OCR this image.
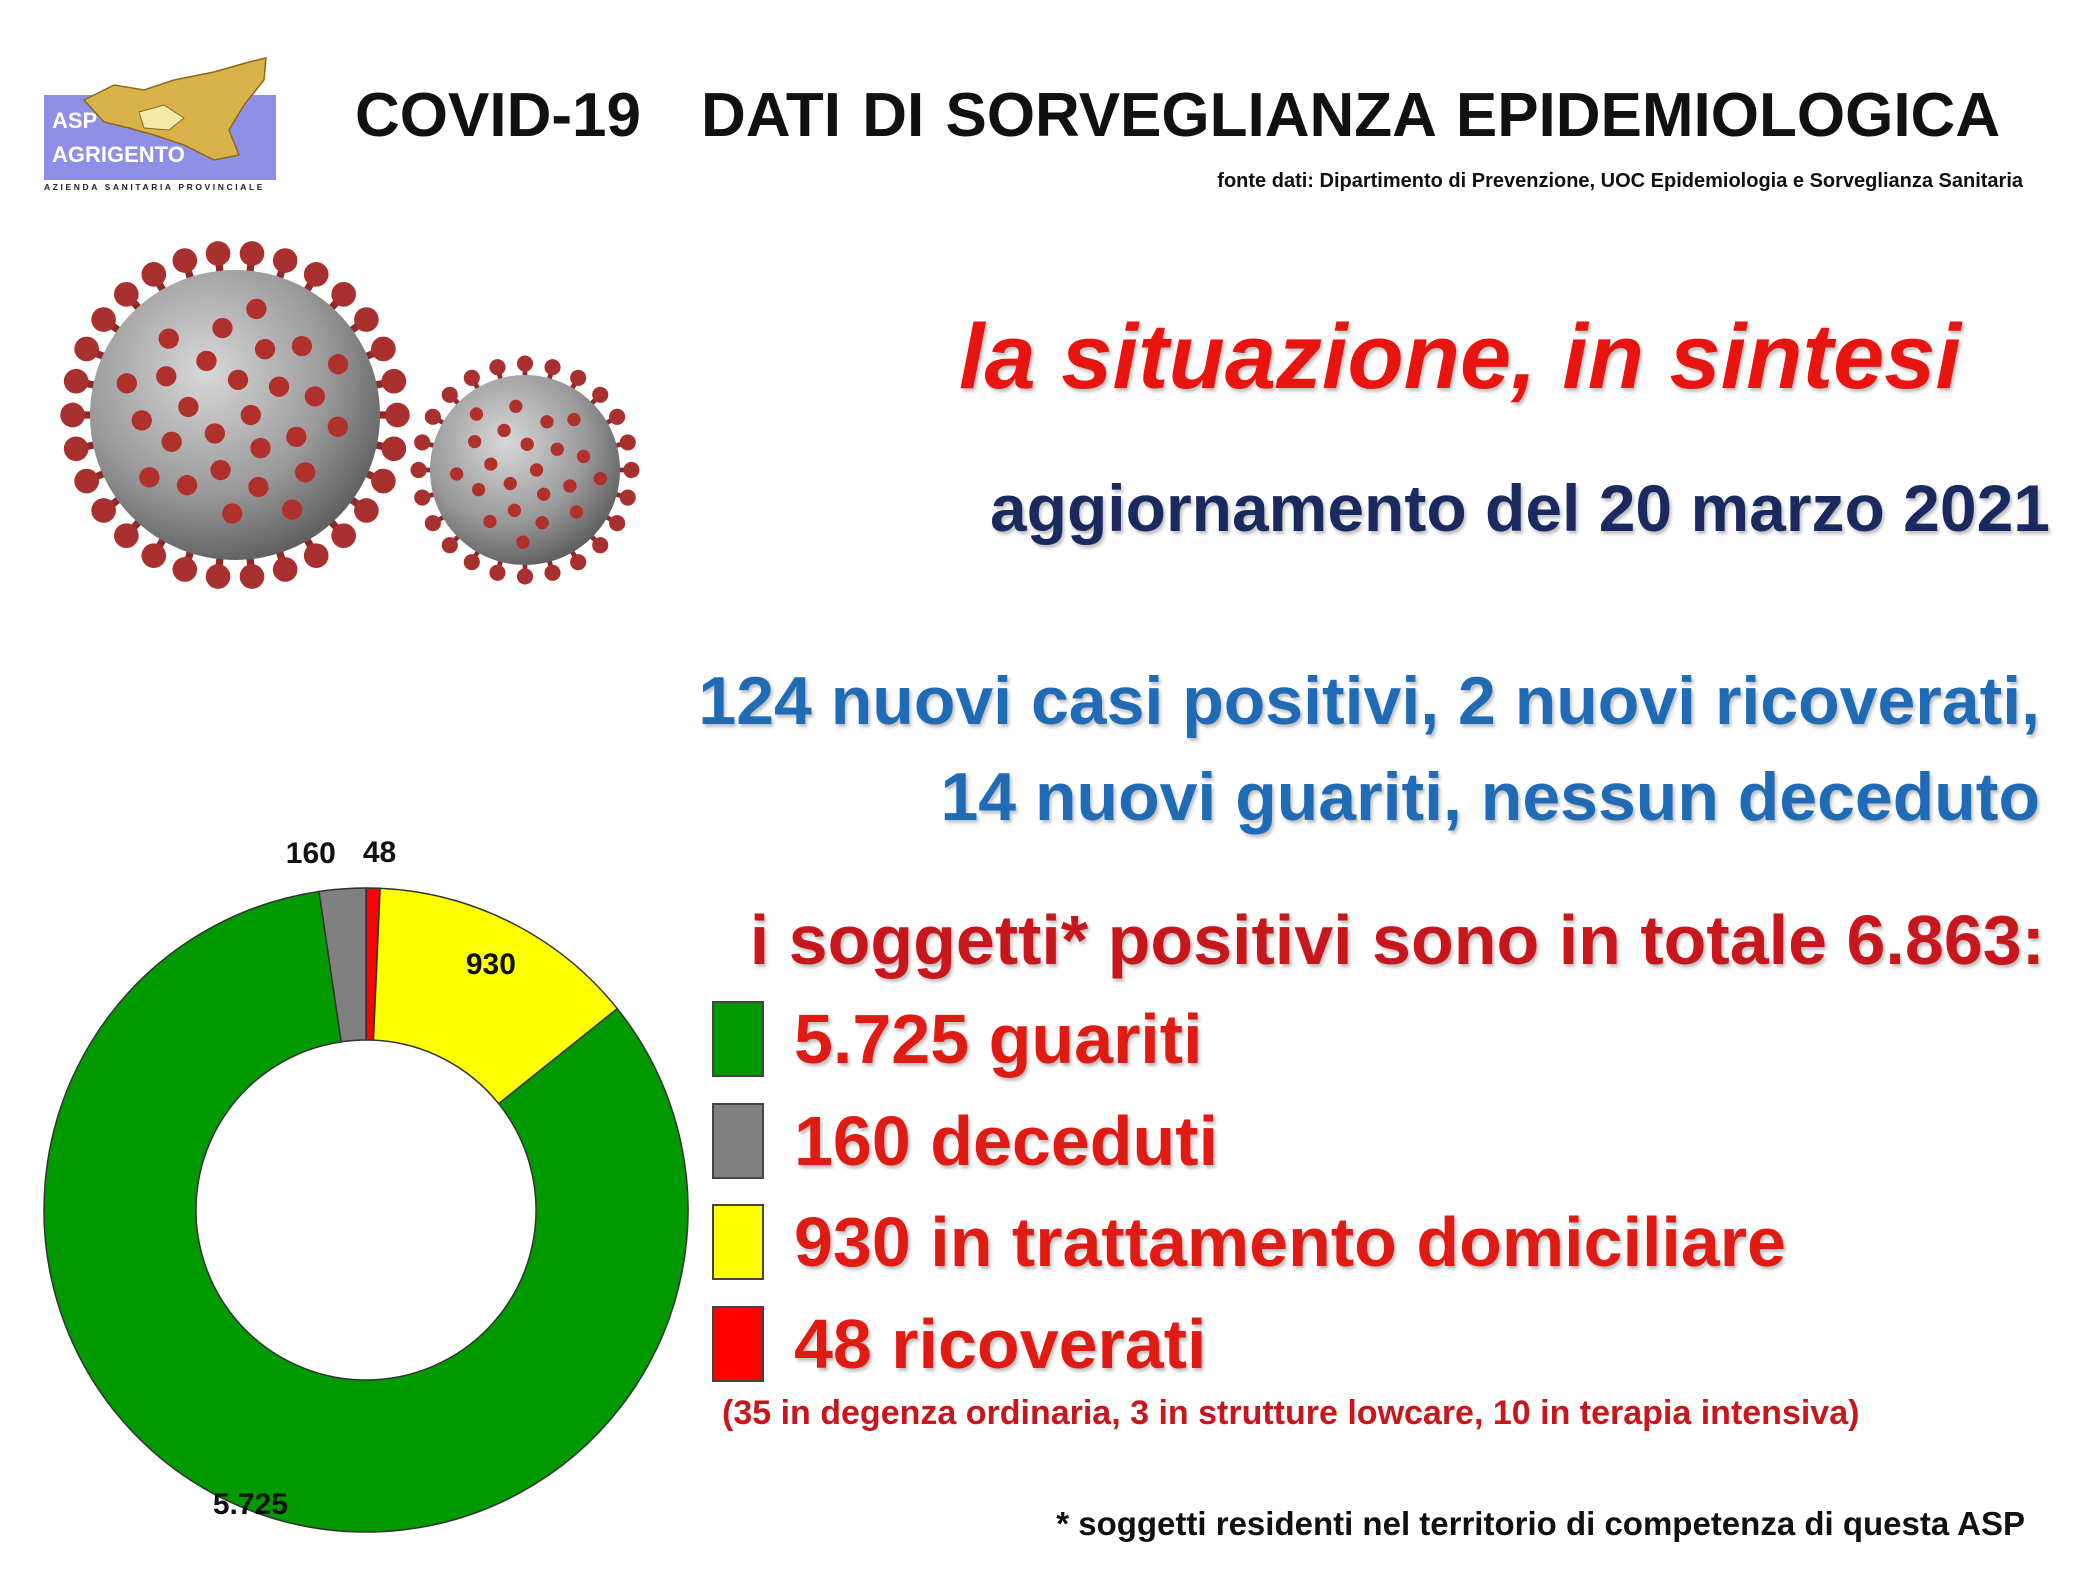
ASP
AGRIGENTO
AZIENDA SANITARIA PROVINCIALE
COVID-19 DATI DI SORVEGLIANZA EPIDEMIOLOGICA
fonte dati: Dipartimento di Prevenzione, UOC Epidemiologia e Sorveglianza Sanitaria
la situazione, in sintesi
aggiornamento del 20 marzo 2021
124 nuovi casi positivi, 2 nuovi ricoverati,
14 nuovi guariti, nessun deceduto
i soggetti* positivi sono in totale 6.863:
5.725 guariti
160 deceduti
930 in trattamento domiciliare
48 ricoverati
(35 in degenza ordinaria, 3 in strutture lowcare, 10 in terapia intensiva)
* soggetti residenti nel territorio di competenza di questa ASP
5.725
930
160 48
